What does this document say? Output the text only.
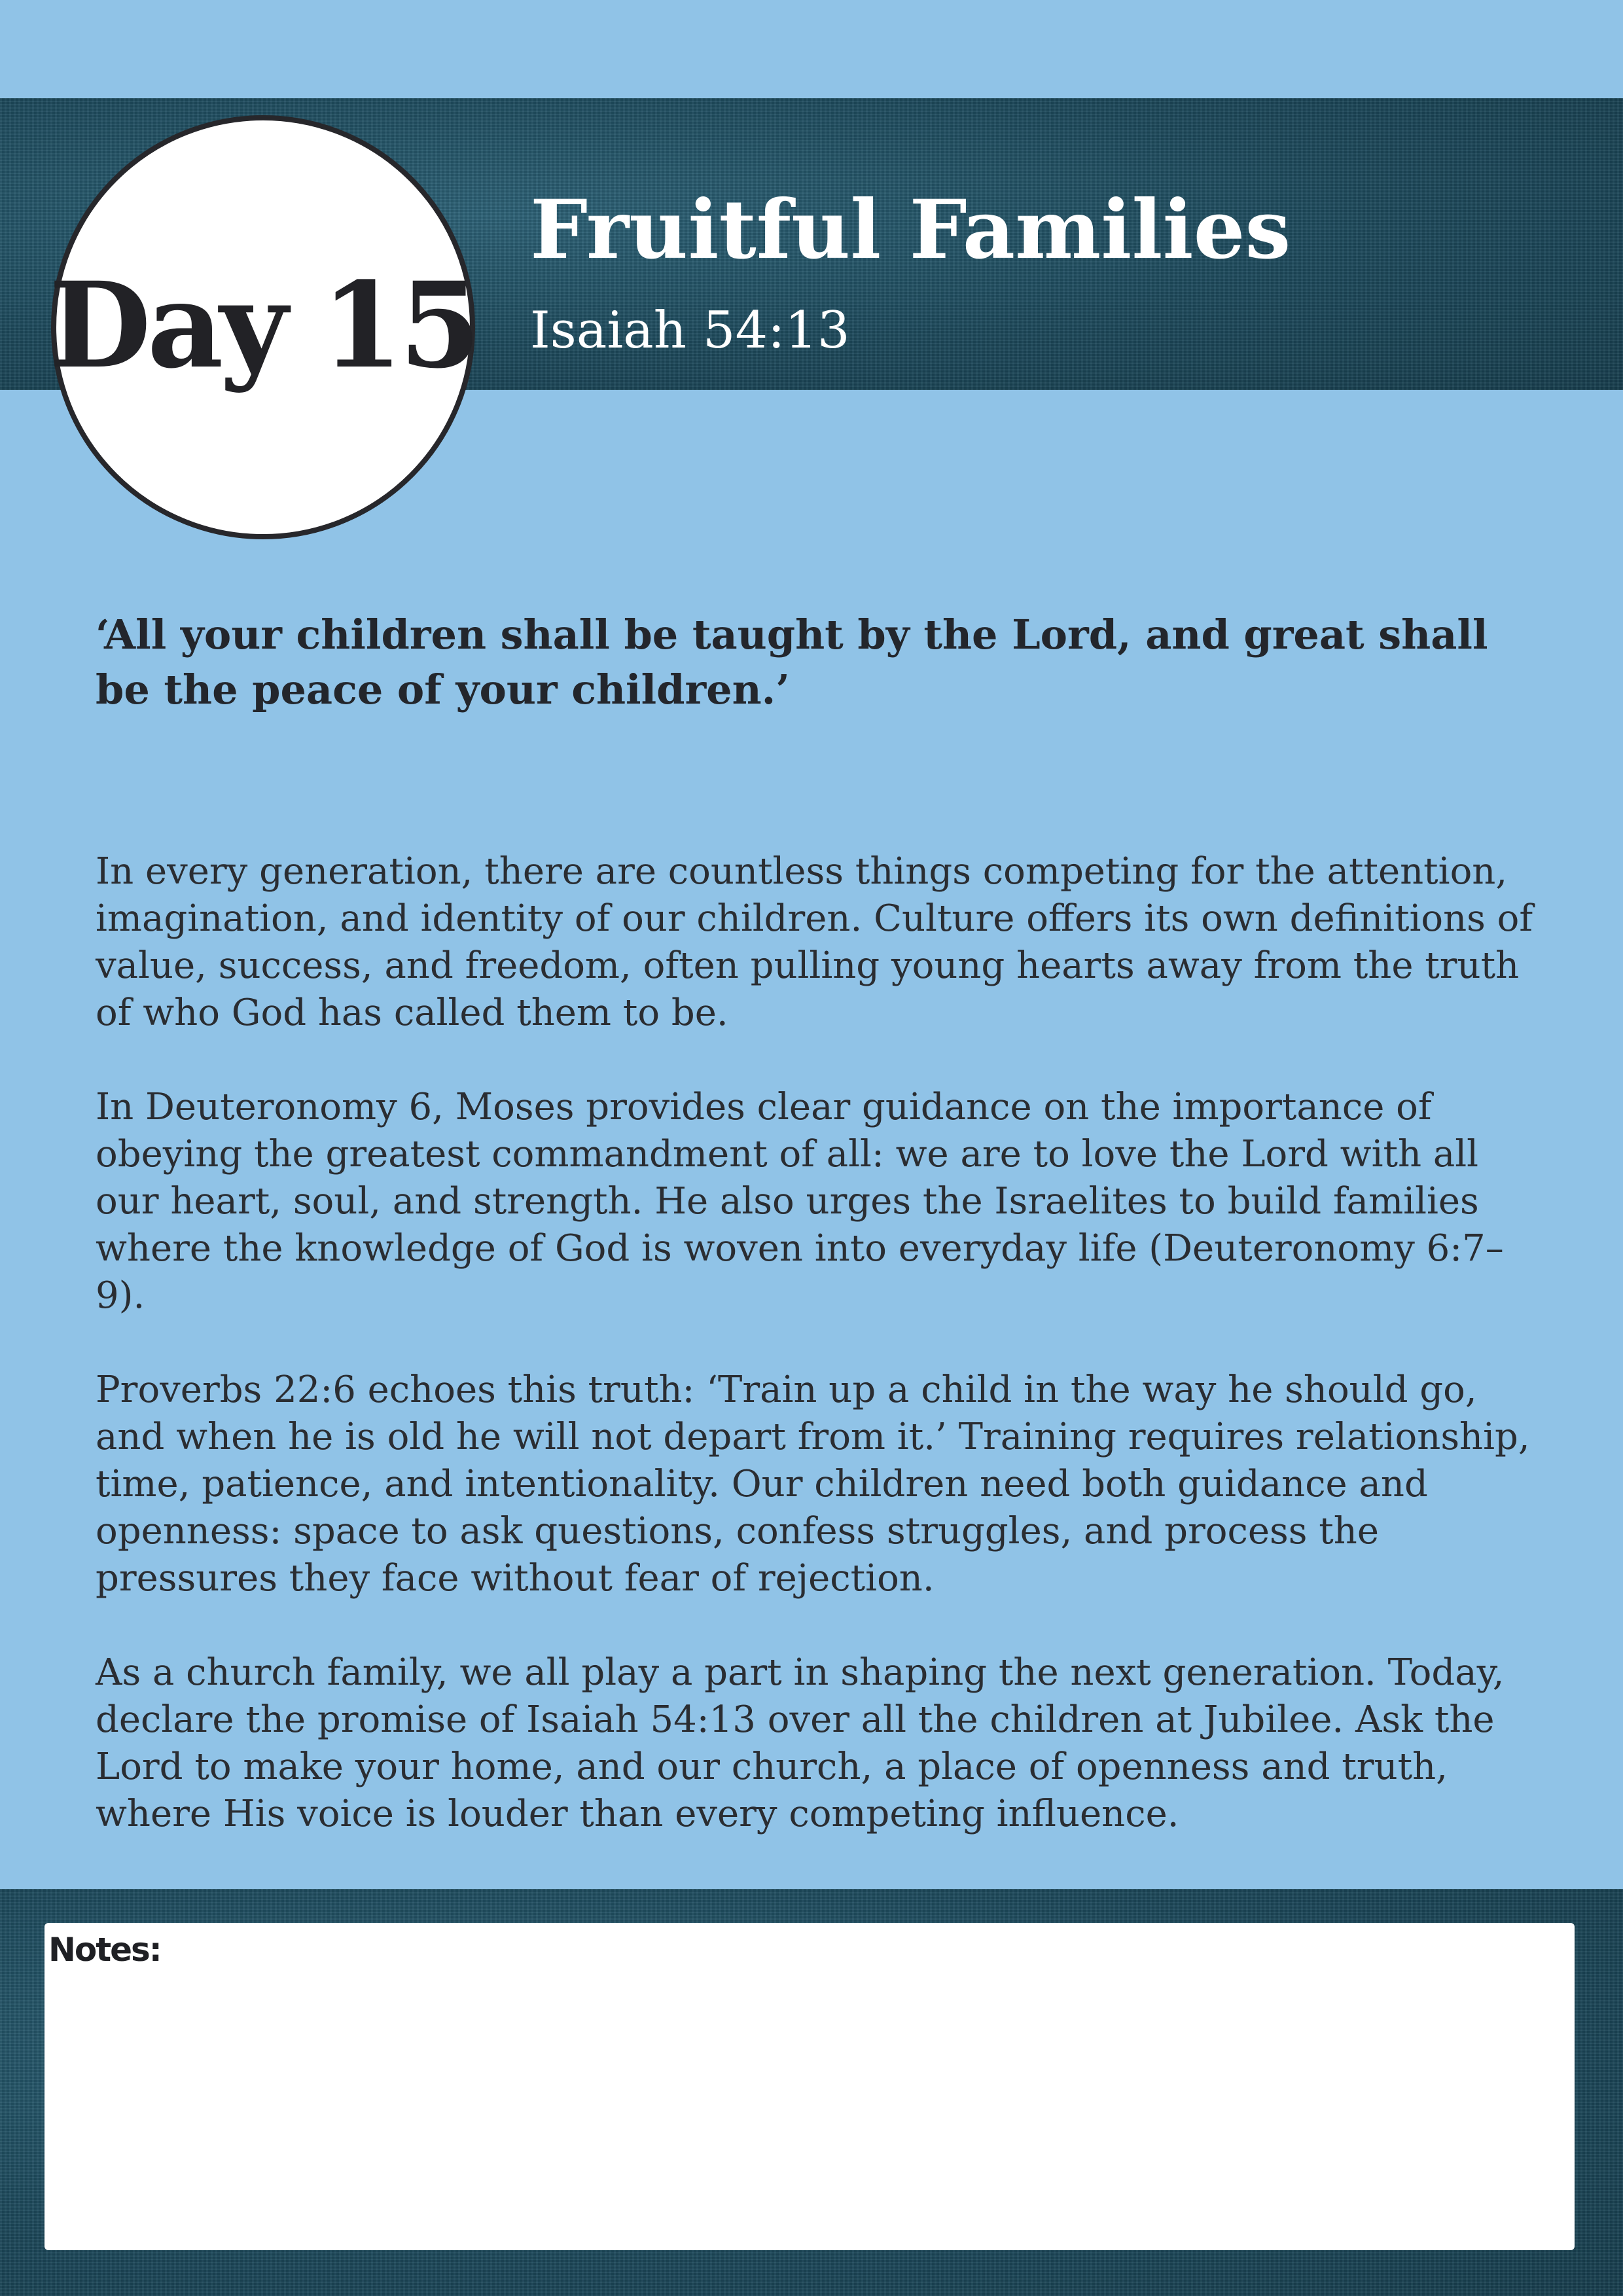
Day 15
Fruitful Families
Isaiah 54:13

‘All your children shall be taught by the Lord, and great shall be the peace of your children.’

In every generation, there are countless things competing for the attention, imagination, and identity of our children. Culture offers its own definitions of value, success, and freedom, often pulling young hearts away from the truth of who God has called them to be.

In Deuteronomy 6, Moses provides clear guidance on the importance of obeying the greatest commandment of all: we are to love the Lord with all our heart, soul, and strength. He also urges the Israelites to build families where the knowledge of God is woven into everyday life (Deuteronomy 6:7–9).

Proverbs 22:6 echoes this truth: ‘Train up a child in the way he should go, and when he is old he will not depart from it.’ Training requires relationship, time, patience, and intentionality. Our children need both guidance and openness: space to ask questions, confess struggles, and process the pressures they face without fear of rejection.

As a church family, we all play a part in shaping the next generation. Today, declare the promise of Isaiah 54:13 over all the children at Jubilee. Ask the Lord to make your home, and our church, a place of openness and truth, where His voice is louder than every competing influence.

Notes:
